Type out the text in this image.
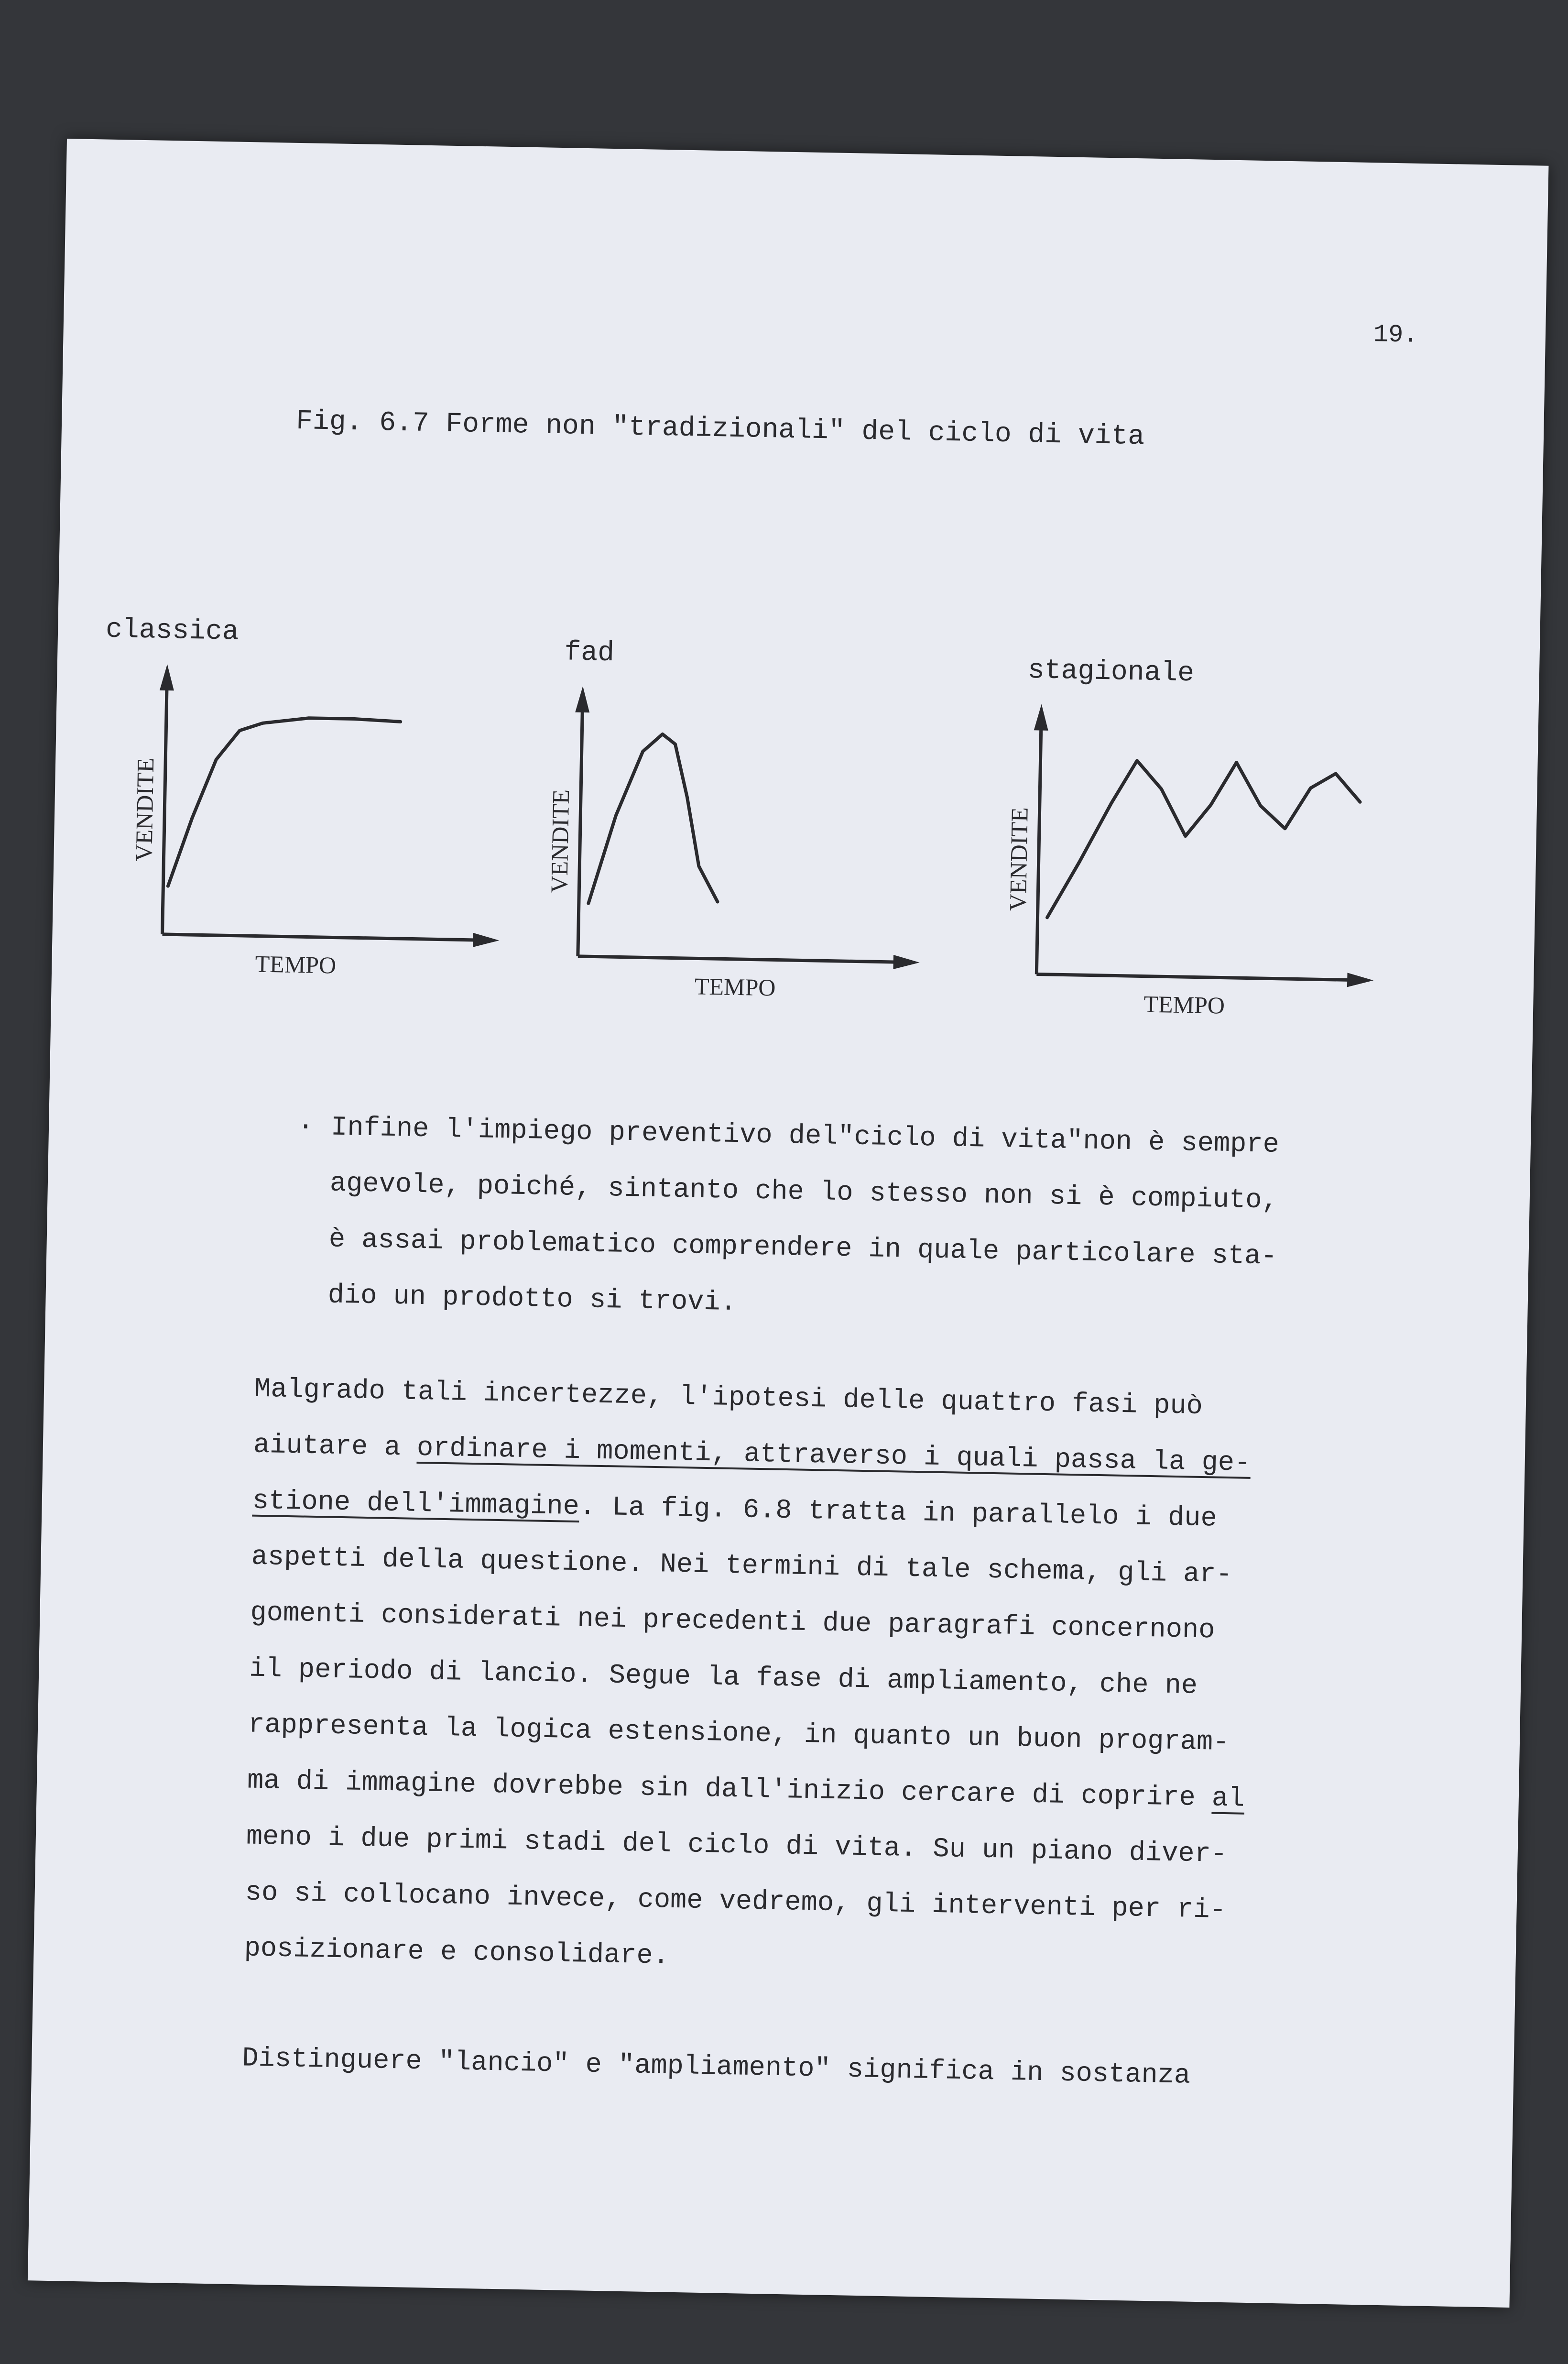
19.
Fig. 6.7 Forme non "tradizionali" del ciclo di vita
classica
VENDITE
TEMPO
fad
VENDITE
TEMPO
stagionale
VENDITE
TEMPO
· Infine l'impiego preventivo del"ciclo di vita"non è sempre
agevole, poiché, sintanto che lo stesso non si è compiuto,
è assai problematico comprendere in quale particolare sta-
dio un prodotto si trovi.
Malgrado tali incertezze, l'ipotesi delle quattro fasi può
aiutare a ordinare i momenti, attraverso i quali passa la ge-
stione dell'immagine. La fig. 6.8 tratta in parallelo i due
aspetti della questione. Nei termini di tale schema, gli ar-
gomenti considerati nei precedenti due paragrafi concernono
il periodo di lancio. Segue la fase di ampliamento, che ne
rappresenta la logica estensione, in quanto un buon program-
ma di immagine dovrebbe sin dall'inizio cercare di coprire al
meno i due primi stadi del ciclo di vita. Su un piano diver-
so si collocano invece, come vedremo, gli interventi per ri-
posizionare e consolidare.
Distinguere "lancio" e "ampliamento" significa in sostanza
